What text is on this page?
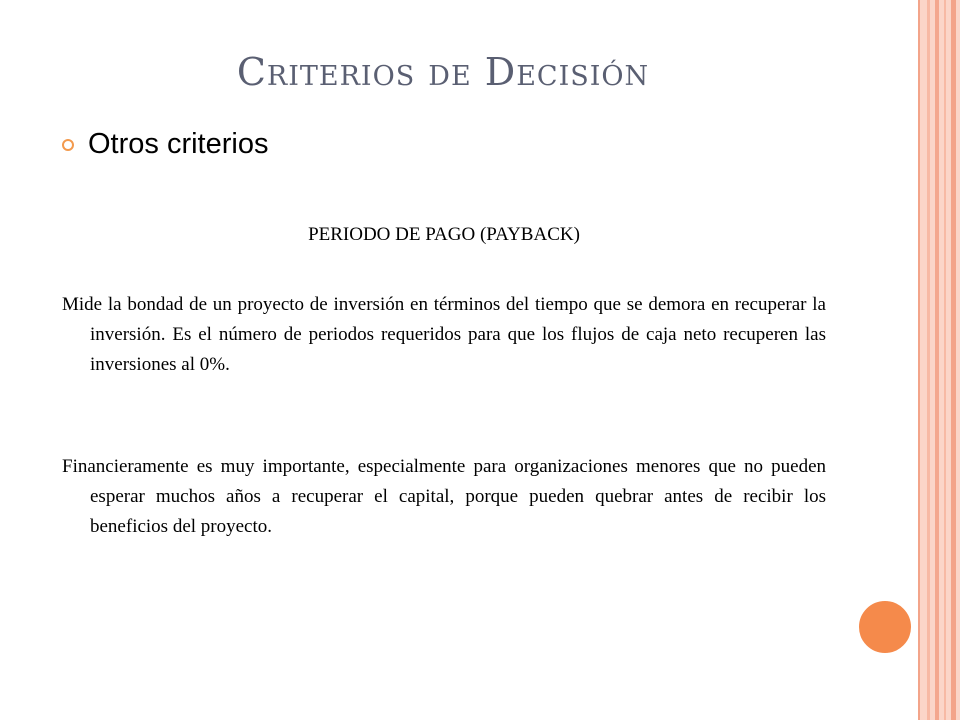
Criterios de Decisión
Otros criterios
PERIODO DE PAGO (PAYBACK)

Mide la bondad de un proyecto de inversión en términos del tiempo que se demora en recuperar la inversión. Es el número de periodos requeridos para que los flujos de caja neto recuperen las inversiones al 0%.

Financieramente es muy importante, especialmente para organizaciones menores que no pueden esperar muchos años a recuperar el capital, porque pueden quebrar antes de recibir los beneficios del proyecto.
